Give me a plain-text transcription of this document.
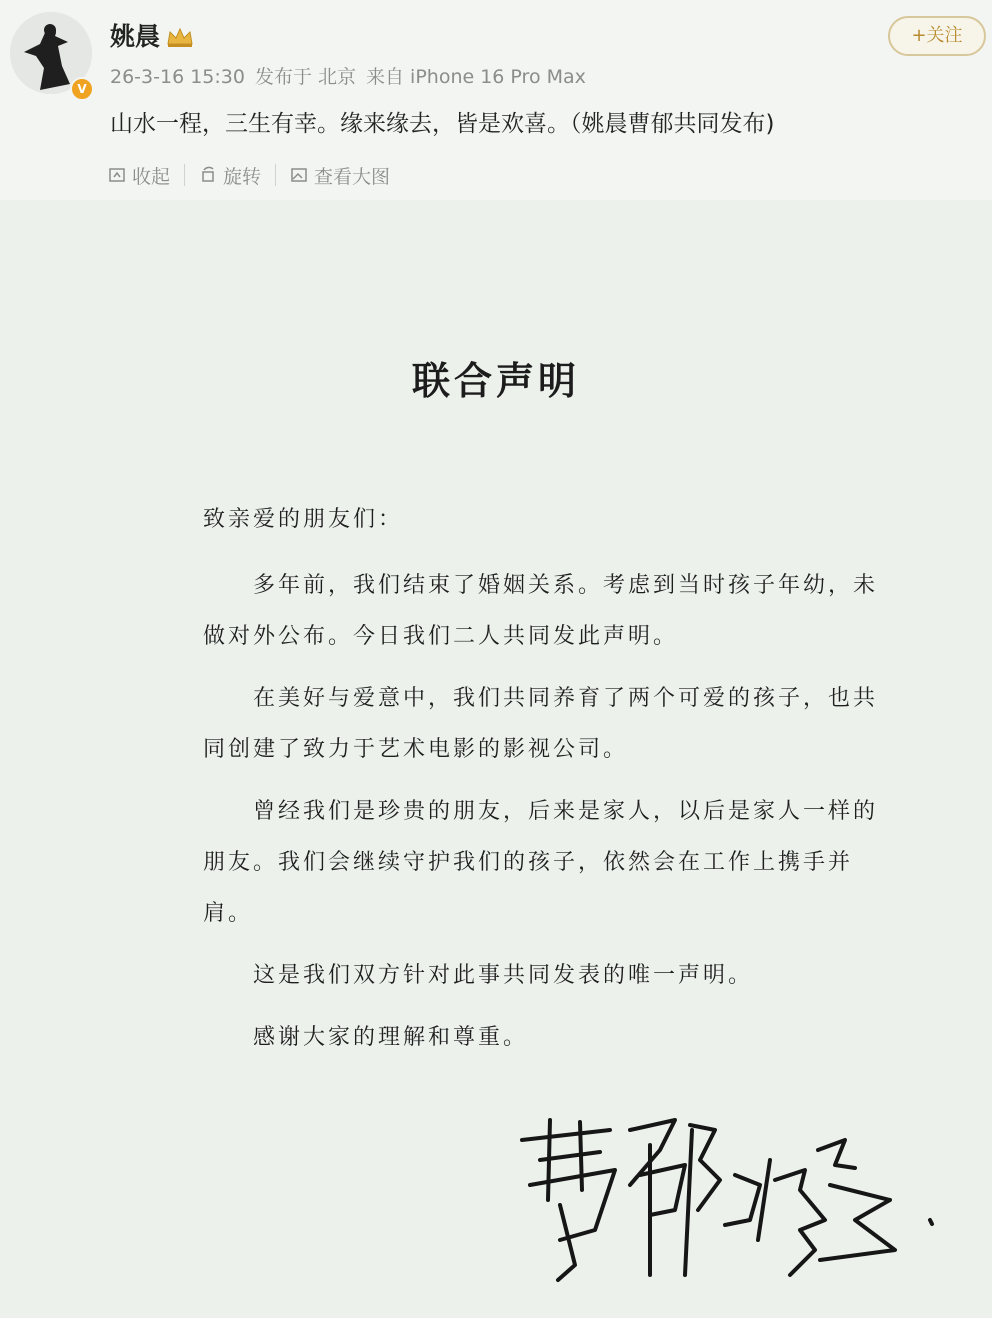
V
姚晨
26-3-16 15:30 发布于 北京 来自 iPhone 16 Pro Max
+关注
山水一程，三生有幸。缘来缘去，皆是欢喜。（姚晨曹郁共同发布)
收起	旋转	查看大图
联合声明

致亲爱的朋友们：

多年前，我们结束了婚姻关系。考虑到当时孩子年幼，未做对外公布。今日我们二人共同发此声明。

在美好与爱意中，我们共同养育了两个可爱的孩子，也共同创建了致力于艺术电影的影视公司。

曾经我们是珍贵的朋友，后来是家人，以后是家人一样的朋友。我们会继续守护我们的孩子，依然会在工作上携手并肩。

这是我们双方针对此事共同发表的唯一声明。

感谢大家的理解和尊重。
